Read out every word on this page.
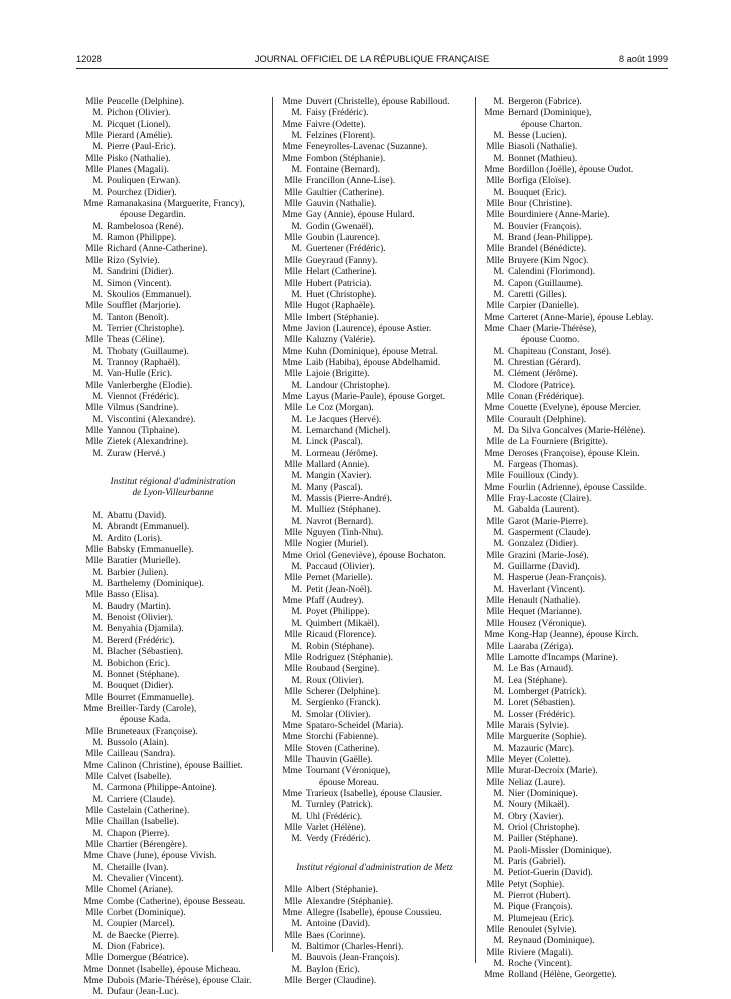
12028	JOURNAL OFFICIEL DE LA RÉPUBLIQUE FRANÇAISE	8 août 1999
Mlle Peucelle (Delphine).
M. Pichon (Olivier).
M. Picquet (Lionel).
Mlle Pierard (Amélie).
M. Pierre (Paul-Eric).
Mlle Pisko (Nathalie).
Mlle Planes (Magali).
M. Pouliquen (Erwan).
M. Pourchez (Didier).
Mme Ramanakasina (Marguerite, Francy),
épouse Degardin.
M. Rambelosoa (René).
M. Ramon (Philippe).
Mlle Richard (Anne-Catherine).
Mlle Rizo (Sylvie).
M. Sandrini (Didier).
M. Simon (Vincent).
M. Skoulios (Emmanuel).
Mlle Soufflet (Marjorie).
M. Tanton (Benoît).
M. Terrier (Christophe).
Mlle Theas (Céline).
M. Thobaty (Guillaume).
M. Trannoy (Raphaël).
M. Van-Hulle (Eric).
Mlle Vanlerberghe (Elodie).
M. Viennot (Frédéric).
Mlle Vilmus (Sandrine).
M. Viscontini (Alexandre).
Mlle Yannou (Tiphaine).
Mlle Zietek (Alexandrine).
M. Zuraw (Hervé.)
Institut régional d'administration
de Lyon-Villeurbanne
M. Abattu (David).
M. Abrandt (Emmanuel).
M. Ardito (Loris).
Mlle Babsky (Emmanuelle).
Mlle Baratier (Murielle).
M. Barbier (Julien).
M. Barthelemy (Dominique).
Mlle Basso (Elisa).
M. Baudry (Martin).
M. Benoist (Olivier).
M. Benyahia (Djamila).
M. Bererd (Frédéric).
M. Blacher (Sébastien).
M. Bobichon (Eric).
M. Bonnet (Stéphane).
M. Bouquet (Didier).
Mlle Bourret (Emmanuelle).
Mme Breiller-Tardy (Carole),
épouse Kada.
Mlle Bruneteaux (Françoise).
M. Bussolo (Alain).
Mlle Cailleau (Sandra).
Mme Calinon (Christine), épouse Bailliet.
Mlle Calvet (Isabelle).
M. Carmona (Philippe-Antoine).
M. Carriere (Claude).
Mlle Castelain (Catherine).
Mlle Chaillan (Isabelle).
M. Chapon (Pierre).
Mlle Chartier (Bérengère).
Mme Chave (June), épouse Vivish.
M. Chetaille (Ivan).
M. Chevalier (Vincent).
Mlle Chomel (Ariane).
Mme Combe (Catherine), épouse Besseau.
Mlle Corbet (Dominique).
M. Coupier (Marcel).
M. de Baecke (Pierre).
M. Dion (Fabrice).
Mlle Domergue (Béatrice).
Mme Donnet (Isabelle), épouse Micheau.
Mme Dubois (Marie-Thérèse), épouse Clair.
M. Dufaur (Jean-Luc).
Mme Duvert (Christelle), épouse Rabilloud.
M. Faisy (Frédéric).
Mme Faivre (Odette).
M. Felzines (Florent).
Mme Feneyrolles-Lavenac (Suzanne).
Mme Fombon (Stéphanie).
M. Fontaine (Bernard).
Mlle Francillon (Anne-Lise).
Mlle Gaultier (Catherine).
Mlle Gauvin (Nathalie).
Mme Gay (Annie), épouse Hulard.
M. Godin (Gwenaël).
Mlle Goubin (Laurence).
M. Guertener (Frédéric).
Mlle Gueyraud (Fanny).
Mlle Helart (Catherine).
Mlle Hubert (Patricia).
M. Huet (Christophe).
Mlle Hugot (Raphaële).
Mlle Imbert (Stéphanie).
Mme Javion (Laurence), épouse Astier.
Mlle Kaluzny (Valérie).
Mme Kuhn (Dominique), épouse Metral.
Mme Laib (Habiba), épouse Abdelhamid.
Mlle Lajoie (Brigitte).
M. Landour (Christophe).
Mme Layus (Marie-Paule), épouse Gorget.
Mlle Le Coz (Morgan).
M. Le Jacques (Hervé).
M. Lemarchand (Michel).
M. Linck (Pascal).
M. Lormeau (Jérôme).
Mlle Mallard (Annie).
M. Mangin (Xavier).
M. Many (Pascal).
M. Massis (Pierre-André).
M. Mulliez (Stéphane).
M. Navrot (Bernard).
Mlle Nguyen (Tinh-Nhu).
Mlle Nogier (Muriel).
Mme Oriol (Geneviève), épouse Bochaton.
M. Paccaud (Olivier).
Mlle Pernet (Marielle).
M. Petit (Jean-Noël).
Mme Pfaff (Audrey).
M. Poyet (Philippe).
M. Quimbert (Mikaël).
Mlle Ricaud (Florence).
M. Robin (Stéphane).
Mlle Rodriguez (Stéphanie).
Mlle Roubaud (Sergine).
M. Roux (Olivier).
Mlle Scherer (Delphine).
M. Sergienko (Franck).
M. Smolar (Olivier).
Mme Spataro-Scheidel (Maria).
Mme Storchi (Fabienne).
Mlle Stoven (Catherine).
Mlle Thauvin (Gaëlle).
Mme Tournant (Véronique),
épouse Moreau.
Mme Trarieux (Isabelle), épouse Clausier.
M. Turnley (Patrick).
M. Uhl (Frédéric).
Mlle Varlet (Hélène).
M. Verdy (Frédéric).
Institut régional d'administration de Metz
Mlle Albert (Stéphanie).
Mlle Alexandre (Stéphanie).
Mme Allegre (Isabelle), épouse Coussieu.
M. Antoine (David).
Mlle Baes (Corinne).
M. Baltimor (Charles-Henri).
M. Bauvois (Jean-François).
M. Baylon (Eric).
Mlle Berger (Claudine).
M. Bergeron (Fabrice).
Mme Bernard (Dominique),
épouse Charton.
M. Besse (Lucien).
Mlle Biasoli (Nathalie).
M. Bonnet (Mathieu).
Mme Bordillon (Joëlle), épouse Oudot.
Mlle Borfiga (Eloïse).
M. Bouquet (Eric).
Mlle Bour (Christine).
Mlle Bourdiniere (Anne-Marie).
M. Bouvier (François).
M. Brand (Jean-Philippe).
Mlle Brandel (Bénédicte).
Mlle Bruyere (Kim Ngoc).
M. Calendini (Florimond).
M. Capon (Guillaume).
M. Caretti (Gilles).
Mlle Carpier (Danielle).
Mme Carteret (Anne-Marie), épouse Leblay.
Mme Chaer (Marie-Thérèse),
épouse Cuomo.
M. Chapiteau (Constant, José).
M. Chrestian (Gérard).
M. Clément (Jérôme).
M. Clodore (Patrice).
Mlle Conan (Frédérique).
Mme Couette (Evelyne), épouse Mercier.
Mlle Courault (Delphine).
M. Da Silva Goncalves (Marie-Hélène).
Mlle de La Fourniere (Brigitte).
Mme Deroses (Françoise), épouse Klein.
M. Fargeas (Thomas).
Mlle Fouilloux (Cindy).
Mme Fourlin (Adrienne), épouse Cassilde.
Mlle Fray-Lacoste (Claire).
M. Gabalda (Laurent).
Mlle Garot (Marie-Pierre).
M. Gasperment (Claude).
M. Gonzalez (Didier).
Mlle Grazini (Marie-José).
M. Guillarme (David).
M. Hasperue (Jean-François).
M. Haverlant (Vincent).
Mlle Henault (Nathalie).
Mlle Hequet (Marianne).
Mlle Housez (Véronique).
Mme Kong-Hap (Jeanne), épouse Kirch.
Mlle Laaraba (Zériga).
Mlle Lamotte d'Incamps (Marine).
M. Le Bas (Arnaud).
M. Lea (Stéphane).
M. Lomberget (Patrick).
M. Loret (Sébastien).
M. Losser (Frédéric).
Mlle Marais (Sylvie).
Mlle Marguerite (Sophie).
M. Mazauric (Marc).
Mlle Meyer (Colette).
Mlle Murat-Decroix (Marie).
Mlle Neliaz (Laure).
M. Nier (Dominique).
M. Noury (Mikaël).
M. Obry (Xavier).
M. Oriol (Christophe).
M. Pailler (Stéphane).
M. Paoli-Missler (Dominique).
M. Paris (Gabriel).
M. Petiot-Guerin (David).
Mlle Petyt (Sophie).
M. Pierrot (Hubert).
M. Pique (François).
M. Plumejeau (Eric).
Mlle Renoulet (Sylvie).
M. Reynaud (Dominique).
Mlle Riviere (Magali).
M. Roche (Vincent).
Mme Rolland (Hélène, Georgette).
